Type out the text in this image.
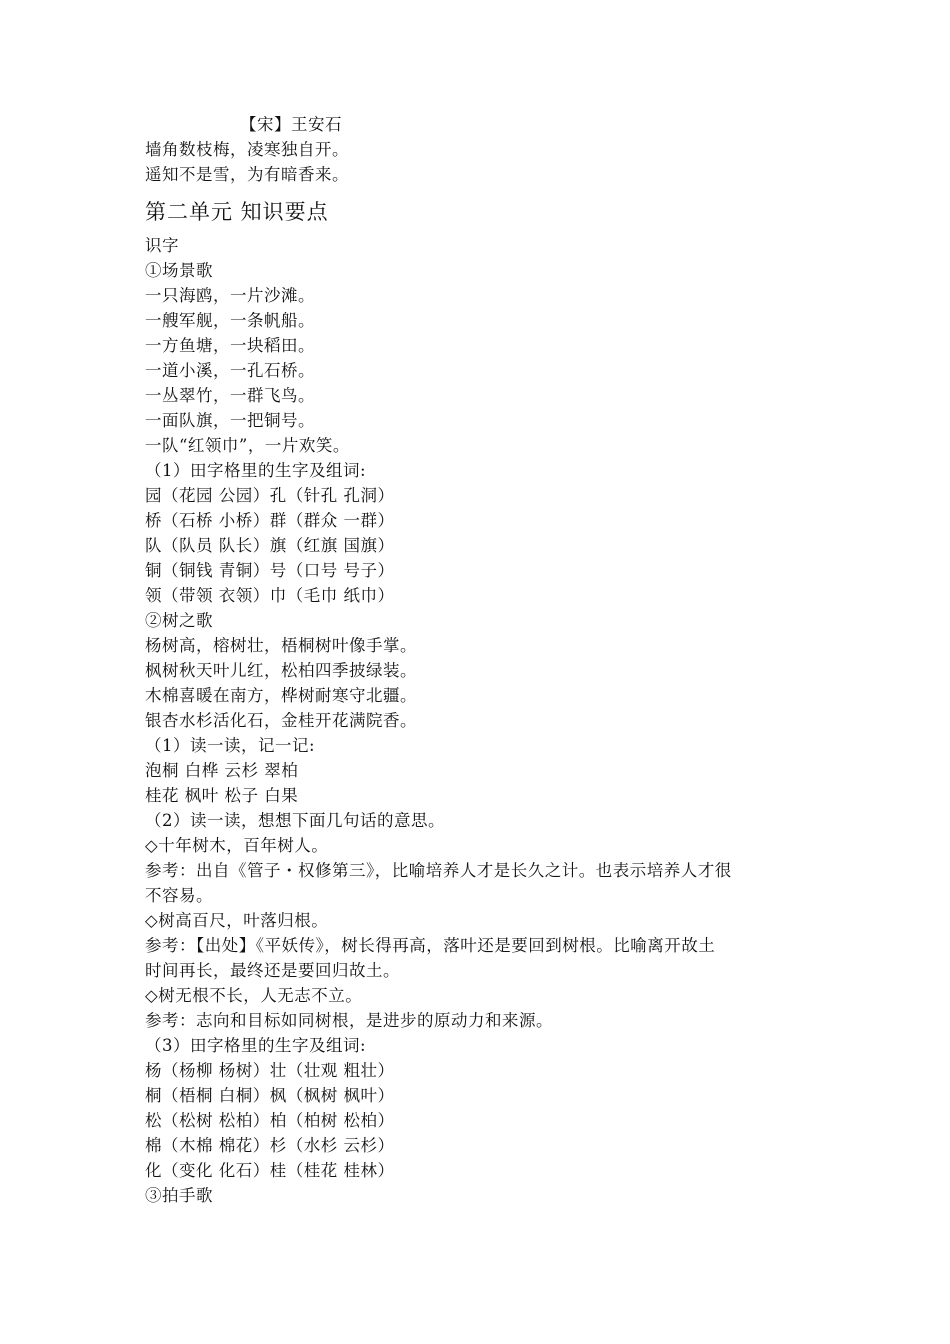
【宋】王安石
墙角数枝梅，凌寒独自开。
遥知不是雪，为有暗香来。
第二单元 知识要点
识字
①场景歌
一只海鸥，一片沙滩。
一艘军舰，一条帆船。
一方鱼塘，一块稻田。
一道小溪，一孔石桥。
一丛翠竹，一群飞鸟。
一面队旗，一把铜号。
一队“红领巾”，一片欢笑。
（1）田字格里的生字及组词:
园（花园 公园）孔（针孔 孔洞）
桥（石桥 小桥）群（群众 一群）
队（队员 队长）旗（红旗 国旗）
铜（铜钱 青铜）号（口号 号子）
领（带领 衣领）巾（毛巾 纸巾）
②树之歌
杨树高，榕树壮，梧桐树叶像手掌。
枫树秋天叶儿红，松柏四季披绿装。
木棉喜暖在南方，桦树耐寒守北疆。
银杏水杉活化石，金桂开花满院香。
（1）读一读，记一记:
泡桐 白桦 云杉 翠柏
桂花 枫叶 松子 白果
（2）读一读，想想下面几句话的意思。
◇十年树木，百年树人。
参考：出自《管子・权修第三》，比喻培养人才是长久之计。也表示培养人才很
不容易。
◇树高百尺，叶落归根。
参考：【出处】《平妖传》，树长得再高，落叶还是要回到树根。比喻离开故土
时间再长，最终还是要回归故土。
◇树无根不长，人无志不立。
参考：志向和目标如同树根，是进步的原动力和来源。
（3）田字格里的生字及组词:
杨（杨柳 杨树）壮（壮观 粗壮）
桐（梧桐 白桐）枫（枫树 枫叶）
松（松树 松柏）柏（柏树 松柏）
棉（木棉 棉花）杉（水杉 云杉）
化（变化 化石）桂（桂花 桂林）
③拍手歌
